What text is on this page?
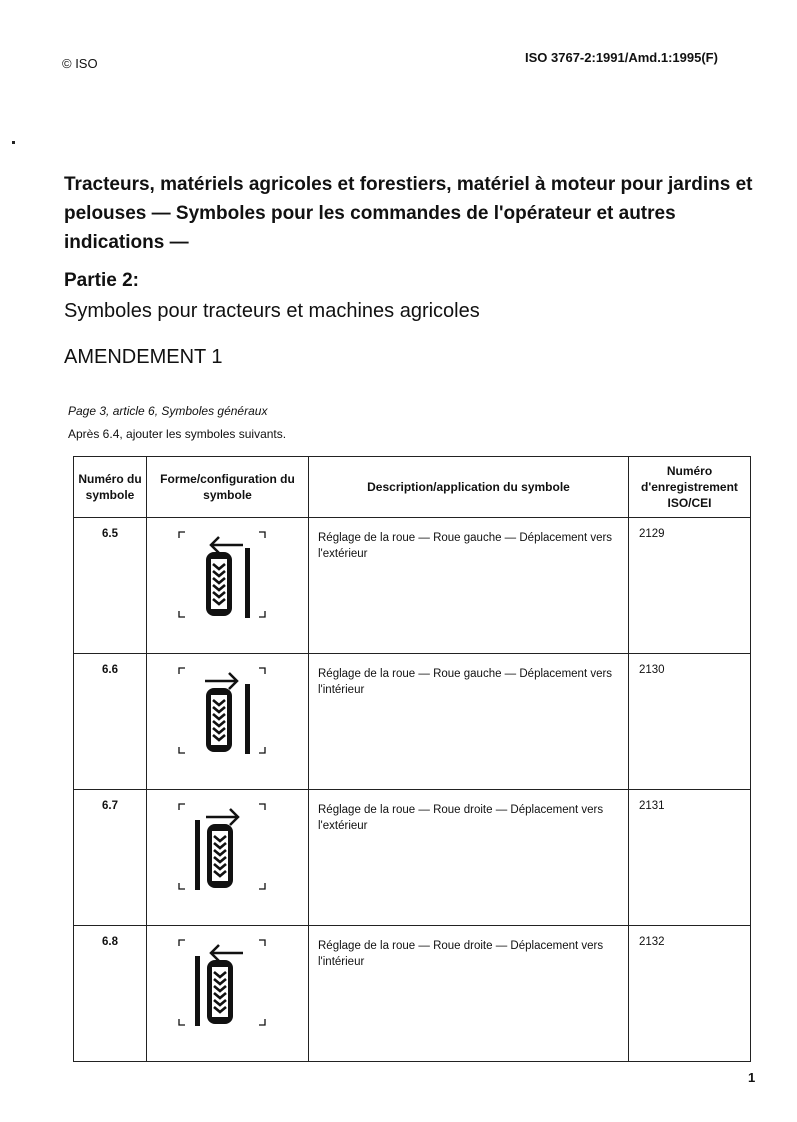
© ISO	ISO 3767-2:1991/Amd.1:1995(F)
Tracteurs, matériels agricoles et forestiers, matériel à moteur pour jardins et pelouses — Symboles pour les commandes de l'opérateur et autres indications —
Partie 2:
Symboles pour tracteurs et machines agricoles
AMENDEMENT 1
Page 3, article 6, Symboles généraux
Après 6.4, ajouter les symboles suivants.
Numéro du symbole	Forme/configuration du symbole	Description/application du symbole	Numéro d'enregistrement ISO/CEI
6.5		Réglage de la roue — Roue gauche — Déplacement vers l'extérieur	2129
6.6		Réglage de la roue — Roue gauche — Déplacement vers l'intérieur	2130
6.7		Réglage de la roue — Roue droite — Déplacement vers l'extérieur	2131
6.8		Réglage de la roue — Roue droite — Déplacement vers l'intérieur	2132
1
